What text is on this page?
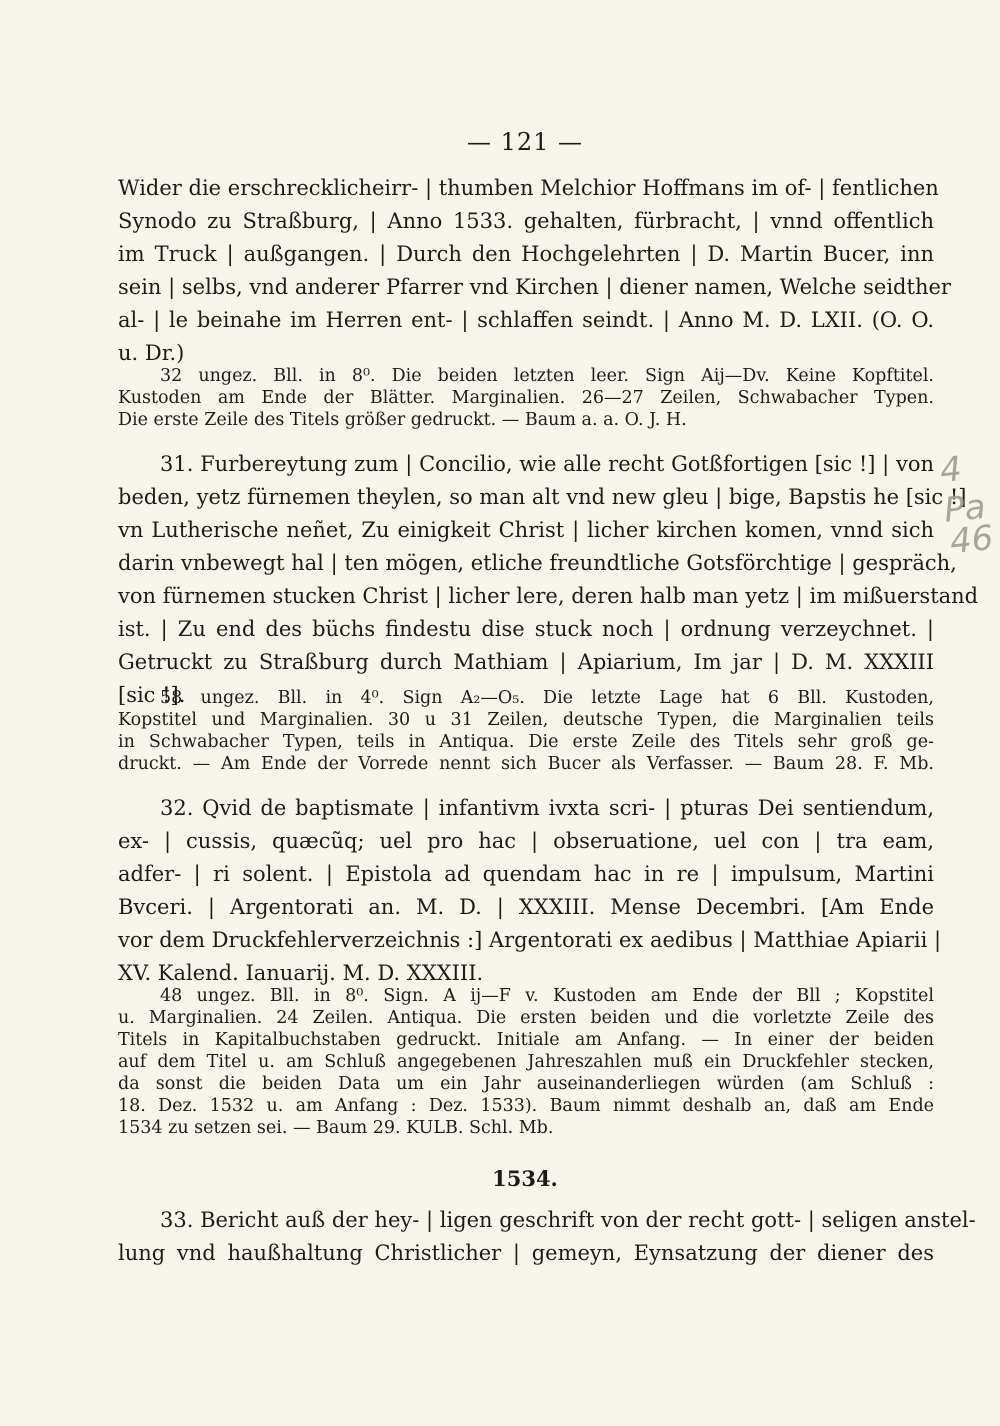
— 121 —
Wider die erschrecklicheirr- | thumben Melchior Hoffmans im of- | fentlichen
Synodo zu Straßburg, | Anno 1533. gehalten, fürbracht, | vnnd offentlich
im Truck | außgangen. | Durch den Hochgelehrten | D. Martin Bucer, inn
sein | selbs, vnd anderer Pfarrer vnd Kirchen | diener namen, Welche seidther
al- | le beinahe im Herren ent- | schlaffen seindt. | Anno M. D. LXII. (O. O.
u. Dr.)
32 ungez. Bll. in 8⁰. Die beiden letzten leer. Sign Aij—Dv. Keine Kopftitel.
Kustoden am Ende der Blätter. Marginalien. 26—27 Zeilen, Schwabacher Typen.
Die erste Zeile des Titels größer gedruckt. — Baum a. a. O. J. H.
31. Furbereytung zum | Concilio, wie alle recht Gotßfortigen [sic !] | von
beden, yetz fürnemen theylen, so man alt vnd new gleu | bige, Bapstis he [sic !]
vn Lutherische neñet, Zu einigkeit Christ | licher kirchen komen, vnnd sich
darin vnbewegt hal | ten mögen, etliche freundtliche Gotsförchtige | gespräch,
von fürnemen stucken Christ | licher lere, deren halb man yetz | im mißuerstand
ist. | Zu end des büchs findestu dise stuck noch | ordnung verzeychnet. |
Getruckt zu Straßburg durch Mathiam | Apiarium, Im jar | D. M. XXXIII
[sic !].
58 ungez. Bll. in 4⁰. Sign A₂—O₅. Die letzte Lage hat 6 Bll. Kustoden,
Kopstitel und Marginalien. 30 u 31 Zeilen, deutsche Typen, die Marginalien teils
in Schwabacher Typen, teils in Antiqua. Die erste Zeile des Titels sehr groß ge-
druckt. — Am Ende der Vorrede nennt sich Bucer als Verfasser. — Baum 28. F. Mb.
32. Qvid de baptismate | infantivm ivxta scri- | pturas Dei sentiendum,
ex- | cussis, quæcũq; uel pro hac | obseruatione, uel con | tra eam,
adfer- | ri solent. | Epistola ad quendam hac in re | impulsum, Martini
Bvceri. | Argentorati an. M. D. | XXXIII. Mense Decembri. [Am Ende
vor dem Druckfehlerverzeichnis :] Argentorati ex aedibus | Matthiae Apiarii |
XV. Kalend. Ianuarij. M. D. XXXIII.
48 ungez. Bll. in 8⁰. Sign. A ij—F v. Kustoden am Ende der Bll ; Kopstitel
u. Marginalien. 24 Zeilen. Antiqua. Die ersten beiden und die vorletzte Zeile des
Titels in Kapitalbuchstaben gedruckt. Initiale am Anfang. — In einer der beiden
auf dem Titel u. am Schluß angegebenen Jahreszahlen muß ein Druckfehler stecken,
da sonst die beiden Data um ein Jahr auseinanderliegen würden (am Schluß :
18. Dez. 1532 u. am Anfang : Dez. 1533). Baum nimmt deshalb an, daß am Ende
1534 zu setzen sei. — Baum 29. KULB. Schl. Mb.
1534.
33. Bericht auß der hey- | ligen geschrift von der recht gott- | seligen anstel-
lung vnd haußhaltung Christlicher | gemeyn, Eynsatzung der diener des
4 Pa
46
